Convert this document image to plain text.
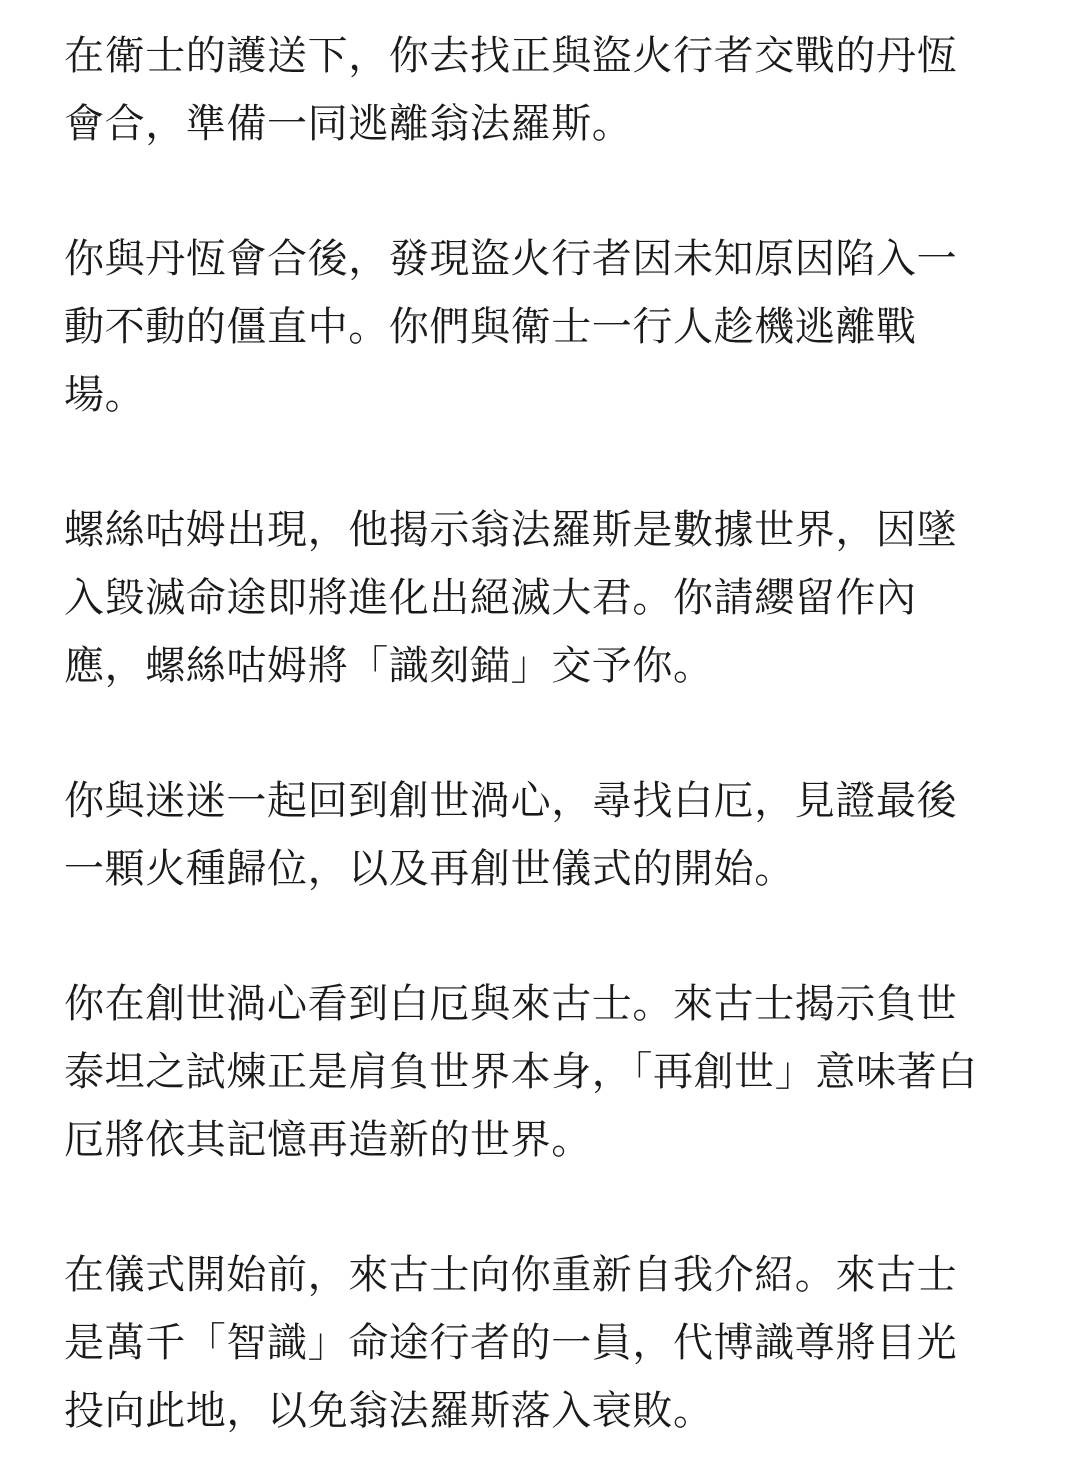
在衛士的護送下，你去找正與盜火行者交戰的丹恆會合，準備一同逃離翁法羅斯。

你與丹恆會合後，發現盜火行者因未知原因陷入一動不動的僵直中。你們與衛士一行人趁機逃離戰場。

螺絲咕姆出現，他揭示翁法羅斯是數據世界，因墜入毀滅命途即將進化出絕滅大君。你請纓留作內應，螺絲咕姆將「識刻錨」交予你。

你與迷迷一起回到創世渦心，尋找白厄，見證最後一顆火種歸位，以及再創世儀式的開始。

你在創世渦心看到白厄與來古士。來古士揭示負世泰坦之試煉正是肩負世界本身，「再創世」意味著白厄將依其記憶再造新的世界。

在儀式開始前，來古士向你重新自我介紹。來古士是萬千「智識」命途行者的一員，代博識尊將目光投向此地，以免翁法羅斯落入衰敗。
